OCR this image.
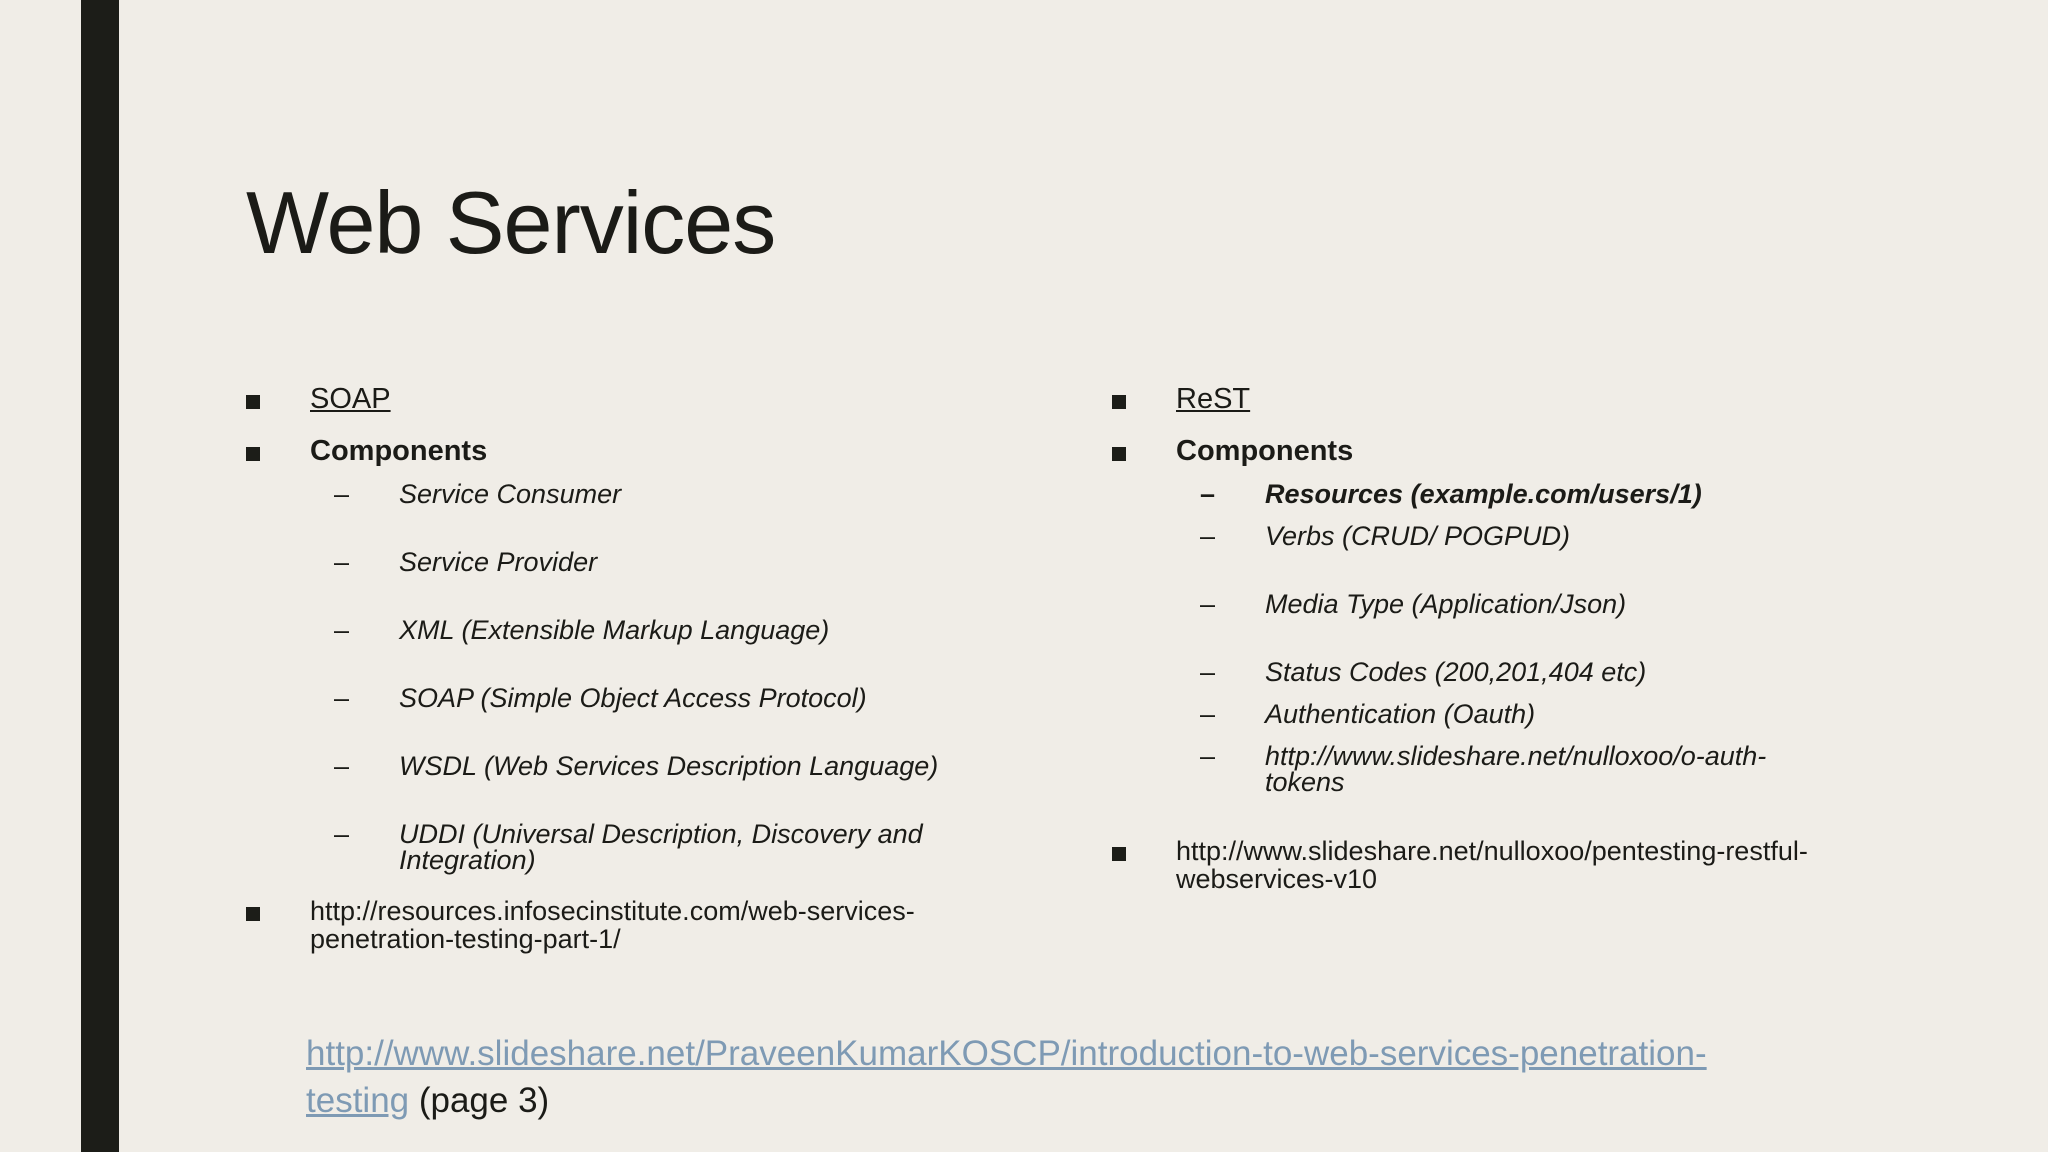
Web Services
SOAP
Components
– Service Consumer
– Service Provider
– XML (Extensible Markup Language)
– SOAP (Simple Object Access Protocol)
– WSDL (Web Services Description Language)
– UDDI (Universal Description, Discovery and Integration)
http://resources.infosecinstitute.com/web-services-penetration-testing-part-1/
ReST
Components
– Resources (example.com/users/1)
– Verbs (CRUD/ POGPUD)
– Media Type (Application/Json)
– Status Codes (200,201,404 etc)
– Authentication (Oauth)
– http://www.slideshare.net/nulloxoo/o-auth-tokens
http://www.slideshare.net/nulloxoo/pentesting-restful-webservices-v10
http://www.slideshare.net/PraveenKumarKOSCP/introduction-to-web-services-penetration-testing (page 3)
